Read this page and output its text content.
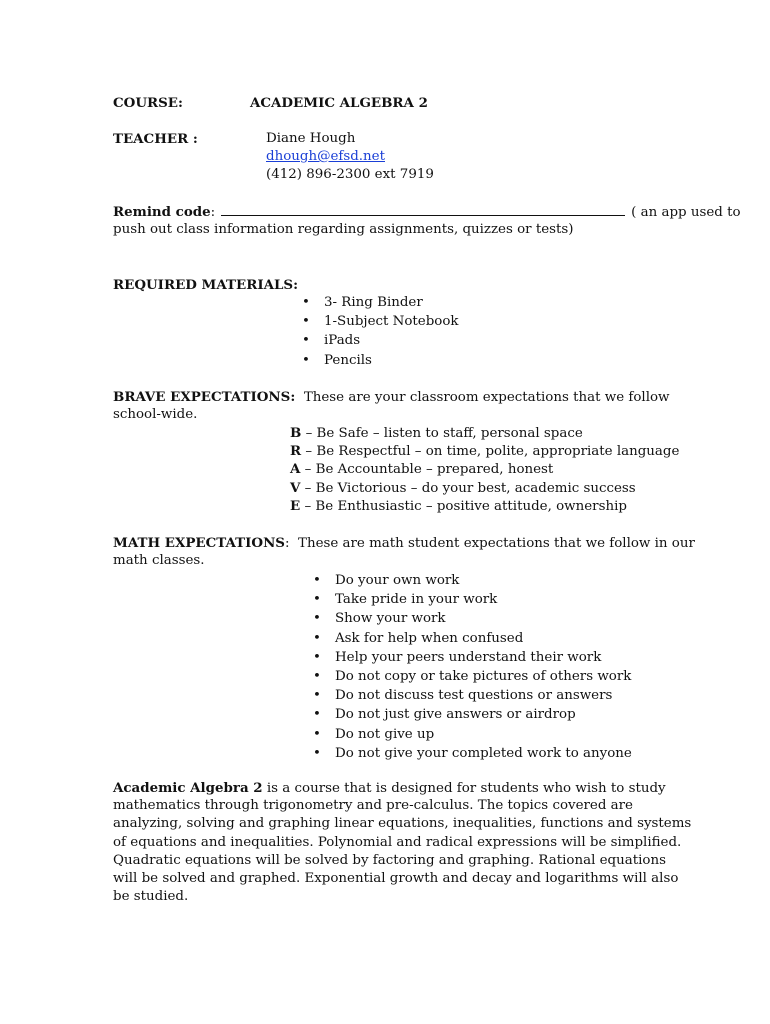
COURSE:	ACADEMIC ALGEBRA 2
TEACHER :	Diane Hough
dhough@efsd.net
(412) 896-2300 ext 7919
Remind code:	( an app used to
push out class information regarding assignments, quizzes or tests)
REQUIRED MATERIALS:
• 3- Ring Binder
• 1-Subject Notebook
• iPads
• Pencils
BRAVE EXPECTATIONS: These are your classroom expectations that we follow
school-wide.
B – Be Safe – listen to staff, personal space
R – Be Respectful – on time, polite, appropriate language
A – Be Accountable – prepared, honest
V – Be Victorious – do your best, academic success
E – Be Enthusiastic – positive attitude, ownership
MATH EXPECTATIONS: These are math student expectations that we follow in our
math classes.
• Do your own work
• Take pride in your work
• Show your work
• Ask for help when confused
• Help your peers understand their work
• Do not copy or take pictures of others work
• Do not discuss test questions or answers
• Do not just give answers or airdrop
• Do not give up
• Do not give your completed work to anyone
Academic Algebra 2 is a course that is designed for students who wish to study
mathematics through trigonometry and pre-calculus. The topics covered are
analyzing, solving and graphing linear equations, inequalities, functions and systems
of equations and inequalities. Polynomial and radical expressions will be simplified.
Quadratic equations will be solved by factoring and graphing. Rational equations
will be solved and graphed. Exponential growth and decay and logarithms will also
be studied.
